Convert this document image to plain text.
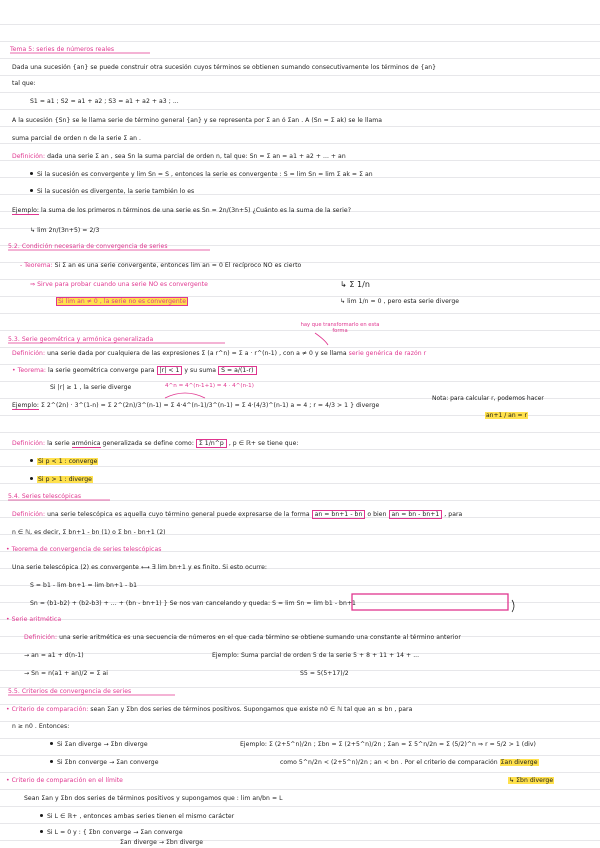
Tema 5: series de números reales
Dada una sucesión {an} se puede construir otra sucesión cuyos términos se obtienen sumando consecutivamente los términos de {an}
tal que:
S1 = a1 ; S2 = a1 + a2 ; S3 = a1 + a2 + a3 ; ...
A la sucesión {Sn} se le llama serie de término general {an} y se representa por Σ an ó Σan . A (Sn = Σ ak) se le llama
suma parcial de orden n de la serie Σ an .
Definición: dada una serie Σ an , sea Sn la suma parcial de orden n, tal que: Sn = Σ an = a1 + a2 + ... + an
Si la sucesión es convergente y lim Sn = S , entonces la serie es convergente : S = lim Sn = lim Σ ak = Σ an
Si la sucesión es divergente, la serie también lo es
Ejemplo: la suma de los primeros n términos de una serie es Sn = 2n/(3n+5) ¿Cuánto es la suma de la serie?
↳ lim 2n/(3n+5) = 2/3
5.2. Condición necesaria de convergencia de series
- Teorema: Si Σ an es una serie convergente, entonces lim an = 0 El recíproco NO es cierto
⇒ Sirve para probar cuando una serie NO es convergente	↳ Σ 1/n
Si lim an ≠ 0 , la serie no es convergente	↳ lim 1/n = 0 , pero esta serie diverge
5.3. Serie geométrica y armónica generalizada
hay que transformarlo en esta forma
Definición: una serie dada por cualquiera de las expresiones Σ (a r^n) = Σ a · r^(n-1) , con a ≠ 0 y se llama serie genérica de razón r
• Teorema: la serie geométrica converge para |r| < 1 y su suma S = a/(1-r)
Si |r| ≥ 1 , la serie diverge	4^n = 4^(n-1+1) = 4 · 4^(n-1)
Nota: para calcular r, podemos hacer
an+1 / an = r
Ejemplo: Σ 2^(2n) · 3^(1-n) = Σ 2^(2n)/3^(n-1) = Σ 4·4^(n-1)/3^(n-1) = Σ 4·(4/3)^(n-1) a = 4 ; r = 4/3 > 1 } diverge
Definición: la serie armónica generalizada se define como: Σ 1/n^p , p ∈ ℝ+ se tiene que:
Si p < 1 : converge
Si p > 1 : diverge
5.4. Series telescópicas
Definición: una serie telescópica es aquella cuyo término general puede expresarse de la forma an = bn+1 - bn o bien an = bn - bn+1 , para
n ∈ ℕ, es decir, Σ bn+1 - bn (1) o Σ bn - bn+1 (2)
• Teorema de convergencia de series telescópicas
Una serie telescópica (2) es convergente ⟷ ∃ lim bn+1 y es finito. Si esto ocurre:
S = b1 - lim bn+1 = lim bn+1 - b1
Sn = (b1-b2) + (b2-b3) + ... + (bn - bn+1) } Se nos van cancelando y queda: S = lim Sn = lim b1 - bn+1
• Serie aritmética
Definición: una serie aritmética es una secuencia de números en el que cada término se obtiene sumando una constante al término anterior
→ an = a1 + d(n-1)	Ejemplo: Suma parcial de orden 5 de la serie 5 + 8 + 11 + 14 + ...
→ Sn = n(a1 + an)/2 = Σ ai	S5 = 5(5+17)/2
5.5. Criterios de convergencia de series
• Criterio de comparación: sean Σan y Σbn dos series de términos positivos. Supongamos que existe n0 ∈ ℕ tal que an ≤ bn , para
n ≥ n0 . Entonces:
Si Σan diverge → Σbn diverge	Ejemplo: Σ (2+5^n)/2n ; Σbn = Σ (2+5^n)/2n ; Σan = Σ 5^n/2n = Σ (5/2)^n ⇒ r = 5/2 > 1 (div)
Si Σbn converge → Σan converge	como 5^n/2n < (2+5^n)/2n ; an < bn . Por el criterio de comparación Σan diverge
↳ Σbn diverge
• Criterio de comparación en el límite
Sean Σan y Σbn dos series de términos positivos y supongamos que : lim an/bn = L
Si L ∈ ℝ+ , entonces ambas series tienen el mismo carácter
Si L = 0 y : { Σbn converge → Σan converge
Σan diverge → Σbn diverge
